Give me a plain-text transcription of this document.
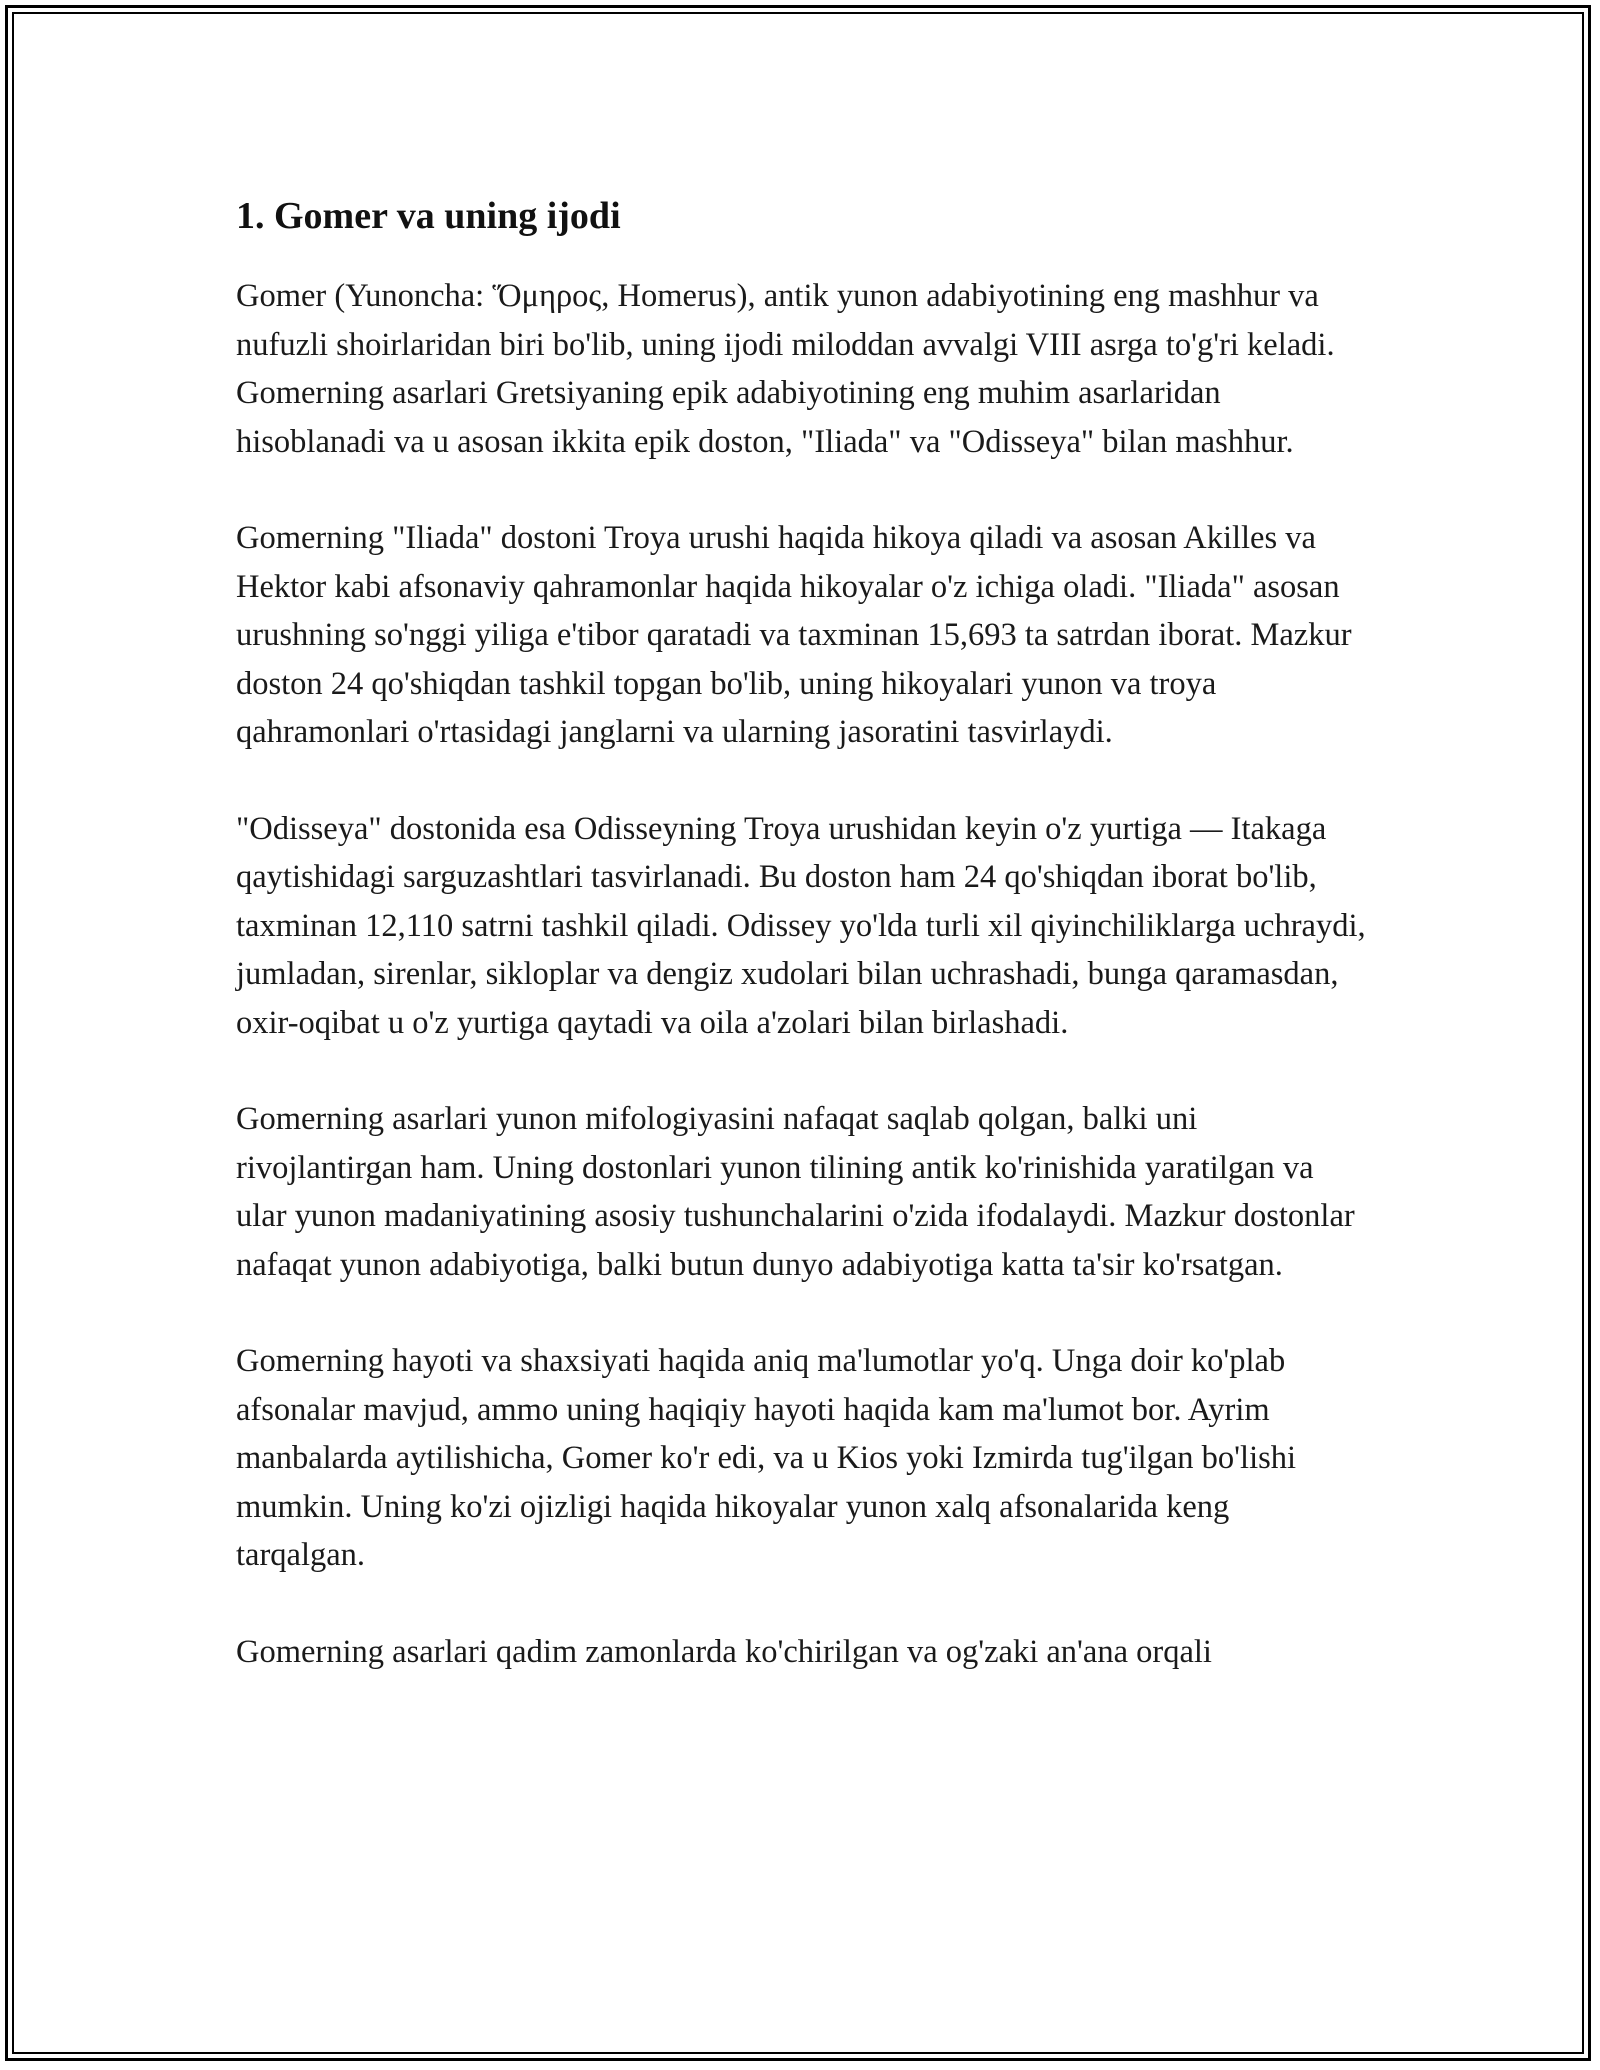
1. Gomer va uning ijodi

Gomer (Yunoncha: Ὅμηρος, Homerus), antik yunon adabiyotining eng mashhur va nufuzli shoirlaridan biri bo'lib, uning ijodi miloddan avvalgi VIII asrga to'g'ri keladi. Gomerning asarlari Gretsiyaning epik adabiyotining eng muhim asarlaridan hisoblanadi va u asosan ikkita epik doston, "Iliada" va "Odisseya" bilan mashhur.

Gomerning "Iliada" dostoni Troya urushi haqida hikoya qiladi va asosan Akilles va Hektor kabi afsonaviy qahramonlar haqida hikoyalar o'z ichiga oladi. "Iliada" asosan urushning so'nggi yiliga e'tibor qaratadi va taxminan 15,693 ta satrdan iborat. Mazkur doston 24 qo'shiqdan tashkil topgan bo'lib, uning hikoyalari yunon va troya qahramonlari o'rtasidagi janglarni va ularning jasoratini tasvirlaydi.

"Odisseya" dostonida esa Odisseyning Troya urushidan keyin o'z yurtiga — Itakaga qaytishidagi sarguzashtlari tasvirlanadi. Bu doston ham 24 qo'shiqdan iborat bo'lib, taxminan 12,110 satrni tashkil qiladi. Odissey yo'lda turli xil qiyinchiliklarga uchraydi, jumladan, sirenlar, sikloplar va dengiz xudolari bilan uchrashadi, bunga qaramasdan, oxir-oqibat u o'z yurtiga qaytadi va oila a'zolari bilan birlashadi.

Gomerning asarlari yunon mifologiyasini nafaqat saqlab qolgan, balki uni rivojlantirgan ham. Uning dostonlari yunon tilining antik ko'rinishida yaratilgan va ular yunon madaniyatining asosiy tushunchalarini o'zida ifodalaydi. Mazkur dostonlar nafaqat yunon adabiyotiga, balki butun dunyo adabiyotiga katta ta'sir ko'rsatgan.

Gomerning hayoti va shaxsiyati haqida aniq ma'lumotlar yo'q. Unga doir ko'plab afsonalar mavjud, ammo uning haqiqiy hayoti haqida kam ma'lumot bor. Ayrim manbalarda aytilishicha, Gomer ko'r edi, va u Kios yoki Izmirda tug'ilgan bo'lishi mumkin. Uning ko'zi ojizligi haqida hikoyalar yunon xalq afsonalarida keng tarqalgan.

Gomerning asarlari qadim zamonlarda ko'chirilgan va og'zaki an'ana orqali
